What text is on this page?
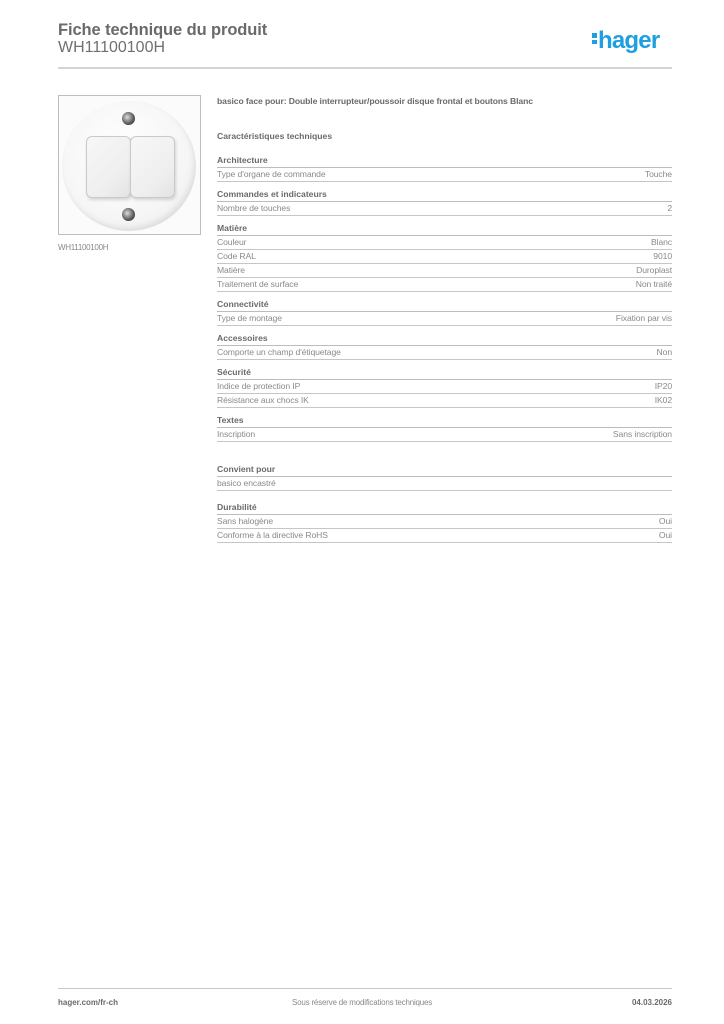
Fiche technique du produit
WH11100100H	hager
WH11100100H
basico face pour: Double interrupteur/poussoir disque frontal et boutons Blanc
Caractéristiques techniques
Architecture
Type d'organe de commande	Touche
Commandes et indicateurs
Nombre de touches	2
Matière
Couleur	Blanc
Code RAL	9010
Matière	Duroplast
Traitement de surface	Non traité
Connectivité
Type de montage	Fixation par vis
Accessoires
Comporte un champ d'étiquetage	Non
Sécurité
Indice de protection IP	IP20
Résistance aux chocs IK	IK02
Textes
Inscription	Sans inscription
Convient pour
basico encastré
Durabilité
Sans halogène	Oui
Conforme à la directive RoHS	Oui
hager.com/fr-ch	Sous réserve de modifications techniques	04.03.2026
